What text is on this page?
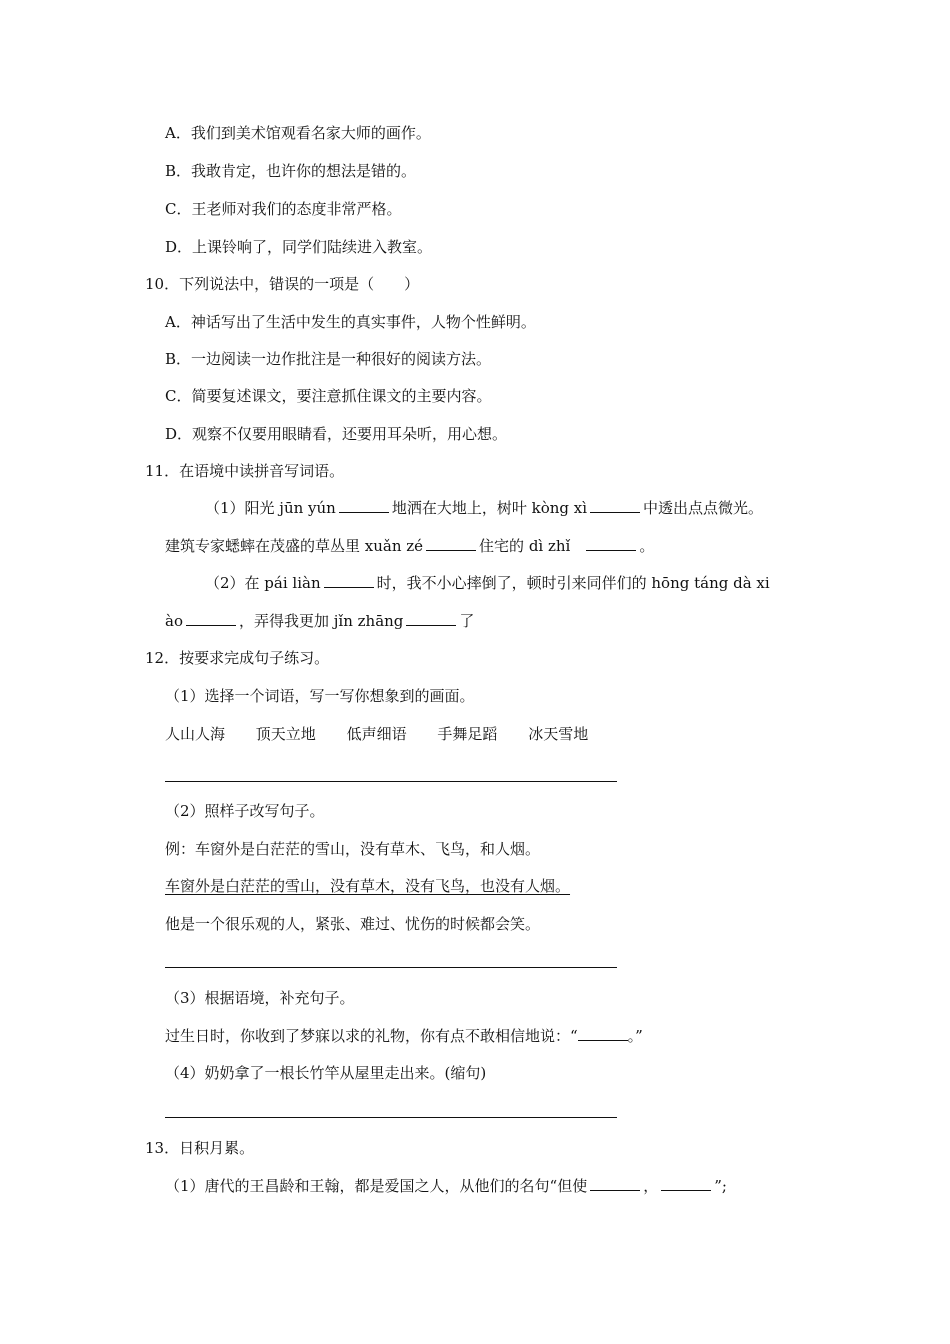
A．我们到美术馆观看名家大师的画作。
B．我敢肯定，也许你的想法是错的。
C．王老师对我们的态度非常严格。
D．上课铃响了，同学们陆续进入教室。
10．下列说法中，错误的一项是（　　）
A．神话写出了生活中发生的真实事件，人物个性鲜明。
B．一边阅读一边作批注是一种很好的阅读方法。
C．简要复述课文，要注意抓住课文的主要内容。
D．观察不仅要用眼睛看，还要用耳朵听，用心想。
11．在语境中读拼音写词语。
（1）阳光 jūn yún	地洒在大地上，树叶 kòng xì	中透出点点微光。
建筑专家蟋蟀在茂盛的草丛里 xuǎn zé	住宅的 dì zhǐ	。
（2）在 pái liàn	时，我不小心摔倒了，顿时引来同伴们的 hōng táng dà xi
ào	，弄得我更加 jǐn zhāng	了
12．按要求完成句子练习。
（1）选择一个词语，写一写你想象到的画面。
人山人海 顶天立地 低声细语 手舞足蹈 冰天雪地
（2）照样子改写句子。
例：车窗外是白茫茫的雪山，没有草木、飞鸟，和人烟。
车窗外是白茫茫的雪山，没有草木，没有飞鸟，也没有人烟。
他是一个很乐观的人，紧张、难过、忧伤的时候都会笑。
（3）根据语境，补充句子。
过生日时，你收到了梦寐以求的礼物，你有点不敢相信地说：“	。”
（4）奶奶拿了一根长竹竿从屋里走出来。(缩句)
13．日积月累。
（1）唐代的王昌龄和王翰，都是爱国之人，从他们的名句“但使	，	”;
